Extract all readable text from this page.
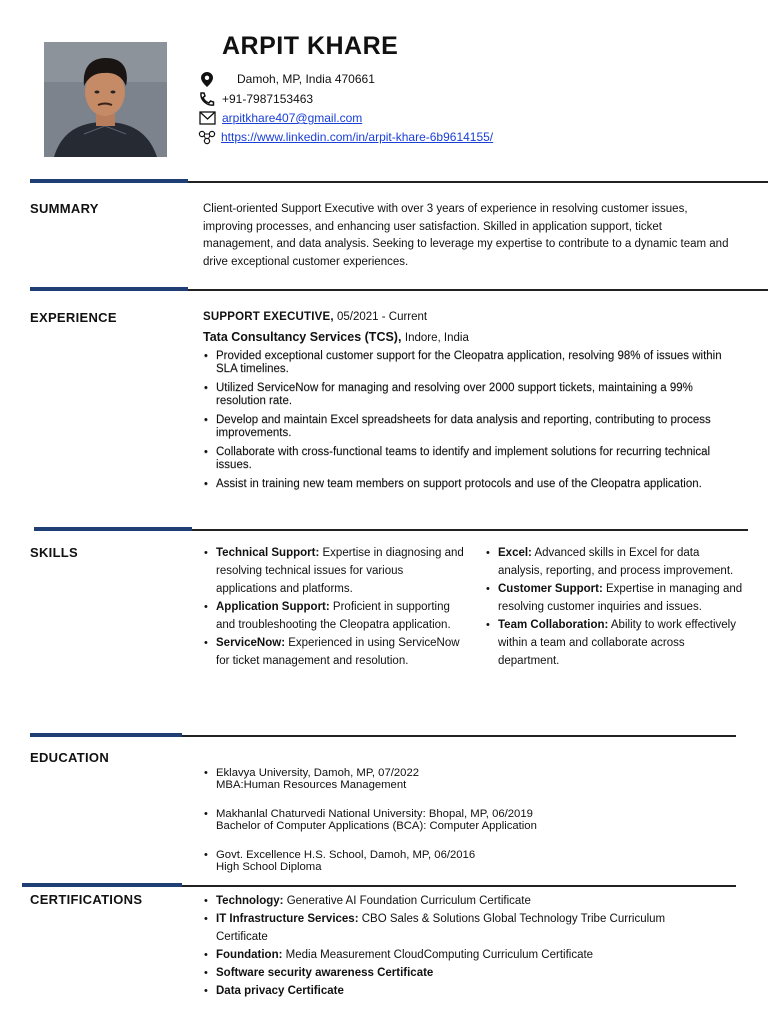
ARPIT KHARE
Damoh, MP, India 470661
+91-7987153463
arpitkhare407@gmail.com
https://www.linkedin.com/in/arpit-khare-6b9614155/
SUMMARY	Client-oriented Support Executive with over 3 years of experience in resolving customer issues, improving processes, and enhancing user satisfaction. Skilled in application support, ticket management, and data analysis. Seeking to leverage my expertise to contribute to a dynamic team and drive exceptional customer experiences.
EXPERIENCE	SUPPORT EXECUTIVE, 05/2021 - Current
Tata Consultancy Services (TCS), Indore, India
• Provided exceptional customer support for the Cleopatra application, resolving 98% of issues within SLA timelines.
• Utilized ServiceNow for managing and resolving over 2000 support tickets, maintaining a 99% resolution rate.
• Develop and maintain Excel spreadsheets for data analysis and reporting, contributing to process improvements.
• Collaborate with cross-functional teams to identify and implement solutions for recurring technical issues.
• Assist in training new team members on support protocols and use of the Cleopatra application.
SKILLS	• Technical Support: Expertise in diagnosing and resolving technical issues for various applications and platforms.
• Application Support: Proficient in supporting and troubleshooting the Cleopatra application.
• ServiceNow: Experienced in using ServiceNow for ticket management and resolution.
• Excel: Advanced skills in Excel for data analysis, reporting, and process improvement.
• Customer Support: Expertise in managing and resolving customer inquiries and issues.
• Team Collaboration: Ability to work effectively within a team and collaborate across department.
EDUCATION
• Eklavya University, Damoh, MP, 07/2022
MBA:Human Resources Management
• Makhanlal Chaturvedi National University: Bhopal, MP, 06/2019
Bachelor of Computer Applications (BCA): Computer Application
• Govt. Excellence H.S. School, Damoh, MP, 06/2016
High School Diploma
CERTIFICATIONS	• Technology: Generative AI Foundation Curriculum Certificate
• IT Infrastructure Services: CBO Sales & Solutions Global Technology Tribe Curriculum Certificate
• Foundation: Media Measurement CloudComputing Curriculum Certificate
• Software security awareness Certificate
• Data privacy Certificate
